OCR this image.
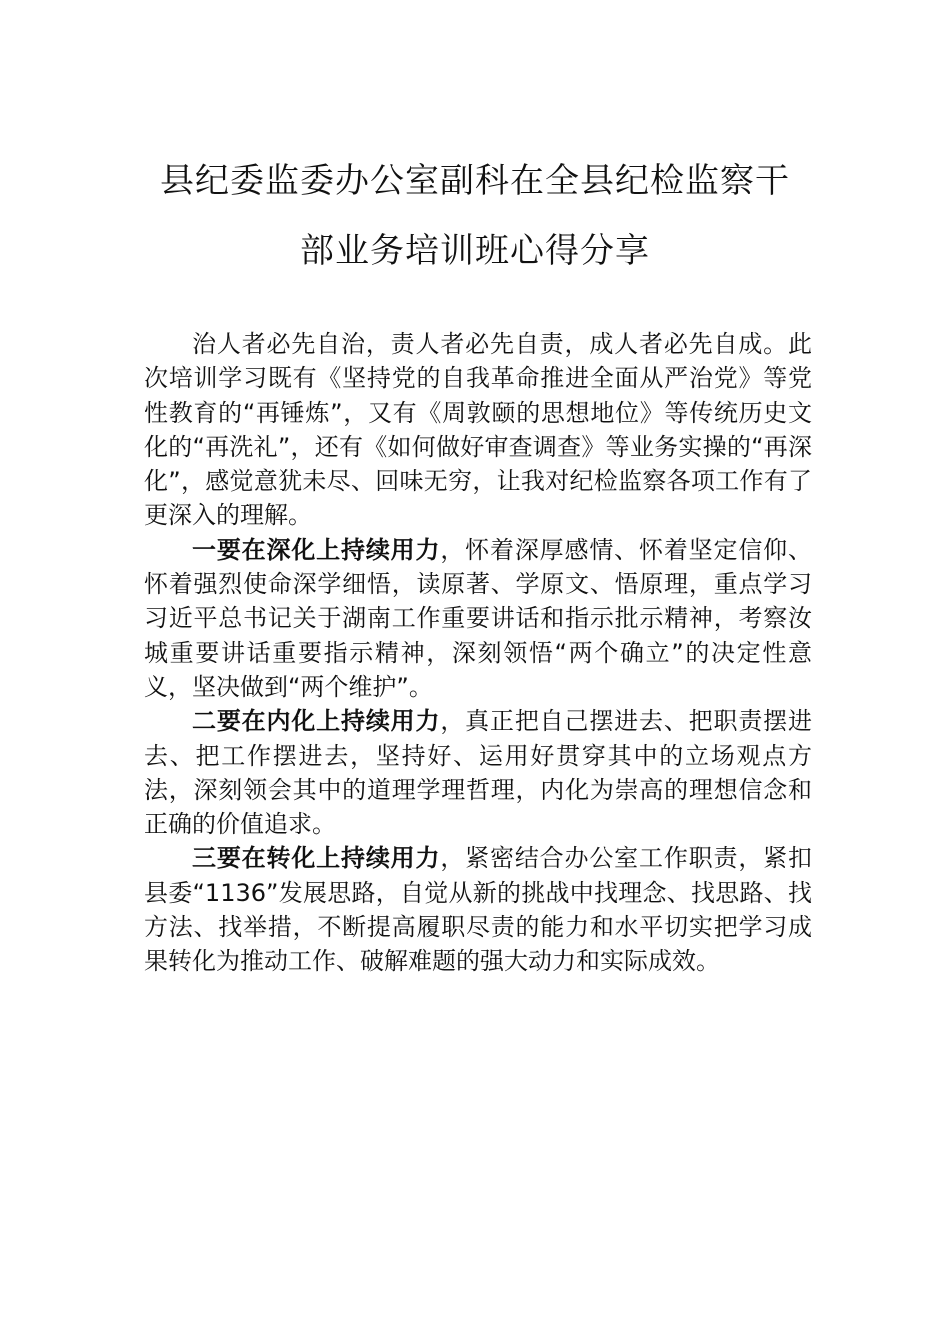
县纪委监委办公室副科在全县纪检监察干

部业务培训班心得分享

治人者必先自治，责人者必先自责，成人者必先自成。此次培训学习既有《坚持党的自我革命推进全面从严治党》等党性教育的“再锤炼”，又有《周敦颐的思想地位》等传统历史文化的“再洗礼”，还有《如何做好审查调查》等业务实操的“再深化”，感觉意犹未尽、回味无穷，让我对纪检监察各项工作有了更深入的理解。

一要在深化上持续用力，怀着深厚感情、怀着坚定信仰、怀着强烈使命深学细悟，读原著、学原文、悟原理，重点学习习近平总书记关于湖南工作重要讲话和指示批示精神，考察汝城重要讲话重要指示精神，深刻领悟“两个确立”的决定性意义，坚决做到“两个维护”。

二要在内化上持续用力，真正把自己摆进去、把职责摆进去、把工作摆进去，坚持好、运用好贯穿其中的立场观点方法，深刻领会其中的道理学理哲理，内化为崇高的理想信念和正确的价值追求。

三要在转化上持续用力，紧密结合办公室工作职责，紧扣县委“1136”发展思路，自觉从新的挑战中找理念、找思路、找方法、找举措，不断提高履职尽责的能力和水平切实把学习成果转化为推动工作、破解难题的强大动力和实际成效。
